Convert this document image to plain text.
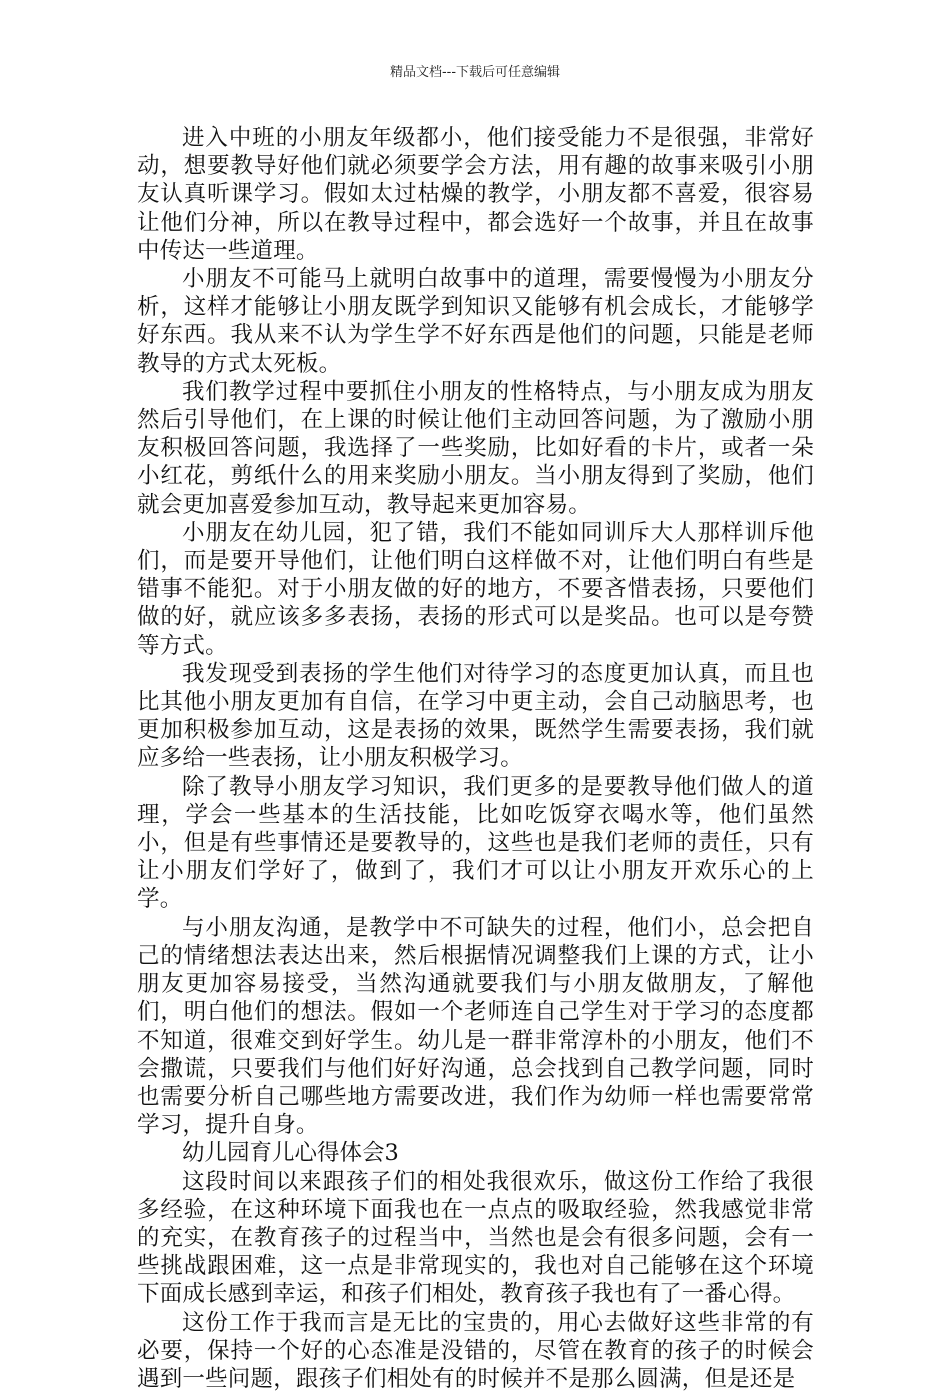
精品文档---下载后可任意编辑

进入中班的小朋友年级都小，他们接受能力不是很强，非常好动，想要教导好他们就必须要学会方法，用有趣的故事来吸引小朋友认真听课学习。假如太过枯燥的教学，小朋友都不喜爱，很容易让他们分神，所以在教导过程中，都会选好一个故事，并且在故事中传达一些道理。

小朋友不可能马上就明白故事中的道理，需要慢慢为小朋友分析，这样才能够让小朋友既学到知识又能够有机会成长，才能够学好东西。我从来不认为学生学不好东西是他们的问题，只能是老师教导的方式太死板。

我们教学过程中要抓住小朋友的性格特点，与小朋友成为朋友然后引导他们，在上课的时候让他们主动回答问题，为了激励小朋友积极回答问题，我选择了一些奖励，比如好看的卡片，或者一朵小红花，剪纸什么的用来奖励小朋友。当小朋友得到了奖励，他们就会更加喜爱参加互动，教导起来更加容易。

小朋友在幼儿园，犯了错，我们不能如同训斥大人那样训斥他们，而是要开导他们，让他们明白这样做不对，让他们明白有些是错事不能犯。对于小朋友做的好的地方，不要吝惜表扬，只要他们做的好，就应该多多表扬，表扬的形式可以是奖品。也可以是夸赞等方式。

我发现受到表扬的学生他们对待学习的态度更加认真，而且也比其他小朋友更加有自信，在学习中更主动，会自己动脑思考，也更加积极参加互动，这是表扬的效果，既然学生需要表扬，我们就应多给一些表扬，让小朋友积极学习。

除了教导小朋友学习知识，我们更多的是要教导他们做人的道理，学会一些基本的生活技能，比如吃饭穿衣喝水等，他们虽然小，但是有些事情还是要教导的，这些也是我们老师的责任，只有让小朋友们学好了，做到了，我们才可以让小朋友开欢乐心的上学。

与小朋友沟通，是教学中不可缺失的过程，他们小，总会把自己的情绪想法表达出来，然后根据情况调整我们上课的方式，让小朋友更加容易接受，当然沟通就要我们与小朋友做朋友，了解他们，明白他们的想法。假如一个老师连自己学生对于学习的态度都不知道，很难交到好学生。幼儿是一群非常淳朴的小朋友，他们不会撒谎，只要我们与他们好好沟通，总会找到自己教学问题，同时也需要分析自己哪些地方需要改进，我们作为幼师一样也需要常常学习，提升自身。

幼儿园育儿心得体会3

这段时间以来跟孩子们的相处我很欢乐，做这份工作给了我很多经验，在这种环境下面我也在一点点的吸取经验，然我感觉非常的充实，在教育孩子的过程当中，当然也是会有很多问题，会有一些挑战跟困难，这一点是非常现实的，我也对自己能够在这个环境下面成长感到幸运，和孩子们相处，教育孩子我也有了一番心得。

这份工作于我而言是无比的宝贵的，用心去做好这些非常的有必要，保持一个好的心态准是没错的，尽管在教育的孩子的时候会遇到一些问题，跟孩子们相处有的时候并不是那么圆满，但是还是
